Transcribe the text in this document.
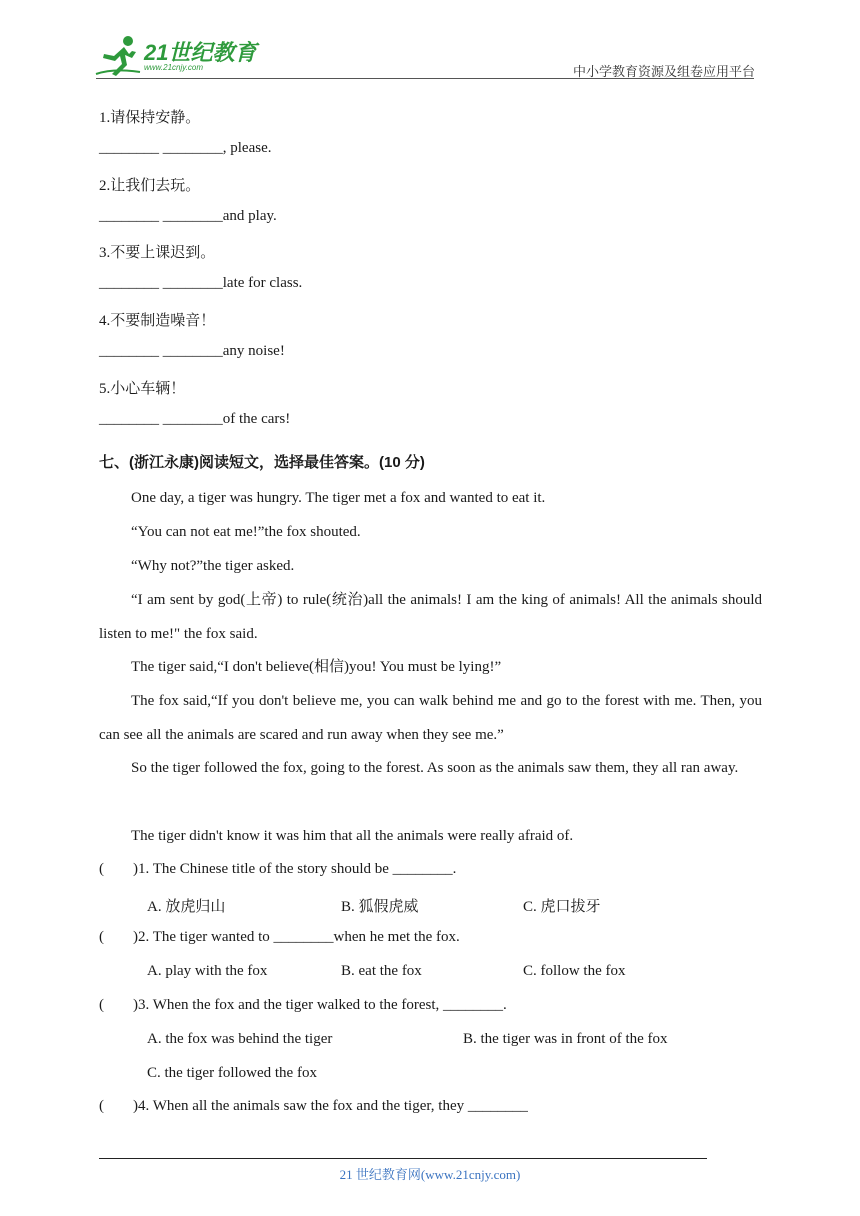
21世纪教育
www.21cnjy.com	中小学教育资源及组卷应用平台
1.请保持安静。
________ ________, please.
2.让我们去玩。
________ ________and play.
3.不要上课迟到。
________ ________late for class.
4.不要制造噪音！
________ ________any noise!
5.小心车辆！
________ ________of the cars!
七、(浙江永康)阅读短文，选择最佳答案。(10 分)
One day, a tiger was hungry. The tiger met a fox and wanted to eat it.
“You can not eat me!”the fox shouted.
“Why not?”the tiger asked.
“I am sent by god(上帝) to rule(统治)all the animals! I am the king of animals! All the animals should listen to me!" the fox said.
The tiger said,“I don't believe(相信)you! You must be lying!”
The fox said,“If you don't believe me, you can walk behind me and go to the forest with me. Then, you can see all the animals are scared and run away when they see me.”
So the tiger followed the fox, going to the forest. As soon as the animals saw them, they all ran away.
The tiger didn't know it was him that all the animals were really afraid of.
( )1. The Chinese title of the story should be ________.
A. 放虎归山	B. 狐假虎威	C. 虎口拔牙
( )2. The tiger wanted to ________when he met the fox.
A. play with the fox	B. eat the fox	C. follow the fox
( )3. When the fox and the tiger walked to the forest, ________.
A. the fox was behind the tiger	B. the tiger was in front of the fox
C. the tiger followed the fox
( )4. When all the animals saw the fox and the tiger, they ________
21 世纪教育网(www.21cnjy.com)
